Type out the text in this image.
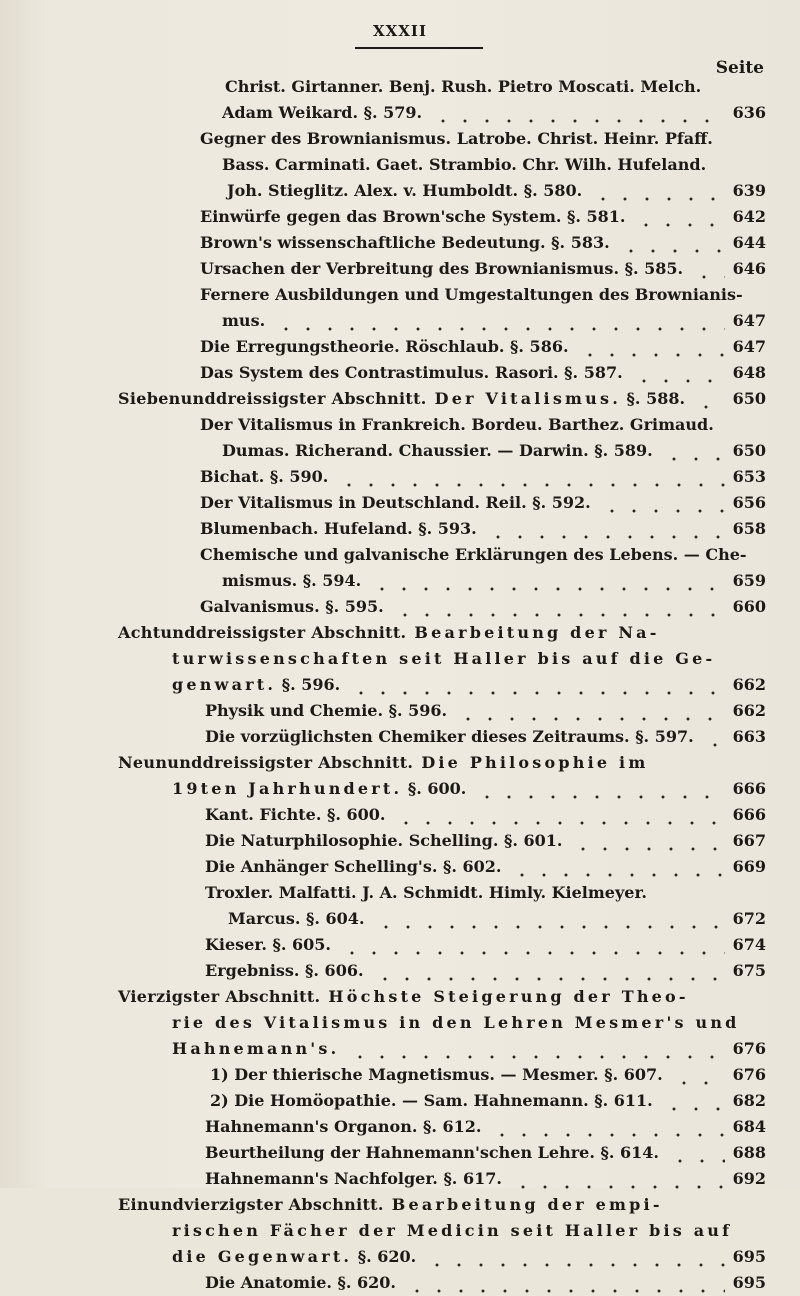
XXXII
Seite
Christ. Girtanner. Benj. Rush. Pietro Moscati. Melch.
Adam Weikard. §. 579.	636
Gegner des Brownianismus. Latrobe. Christ. Heinr. Pfaff.
Bass. Carminati. Gaet. Strambio. Chr. Wilh. Hufeland.
Joh. Stieglitz. Alex. v. Humboldt. §. 580.	639
Einwürfe gegen das Brown'sche System. §. 581.	642
Brown's wissenschaftliche Bedeutung. §. 583.	644
Ursachen der Verbreitung des Brownianismus. §. 585.	646
Fernere Ausbildungen und Umgestaltungen des Brownianis-
mus.	647
Die Erregungstheorie. Röschlaub. §. 586.	647
Das System des Contrastimulus. Rasori. §. 587.	648
Siebenunddreissigster Abschnitt. Der Vitalismus. §. 588.	650
Der Vitalismus in Frankreich. Bordeu. Barthez. Grimaud.
Dumas. Richerand. Chaussier. — Darwin. §. 589.	650
Bichat. §. 590.	653
Der Vitalismus in Deutschland. Reil. §. 592.	656
Blumenbach. Hufeland. §. 593.	658
Chemische und galvanische Erklärungen des Lebens. — Che-
mismus. §. 594.	659
Galvanismus. §. 595.	660
Achtunddreissigster Abschnitt. Bearbeitung der Na-
turwissenschaften seit Haller bis auf die Ge-
genwart. §. 596.	662
Physik und Chemie. §. 596.	662
Die vorzüglichsten Chemiker dieses Zeitraums. §. 597. 663
Neununddreissigster Abschnitt. Die Philosophie im
19ten Jahrhundert. §. 600.	666
Kant. Fichte. §. 600.	666
Die Naturphilosophie. Schelling. §. 601.	667
Die Anhänger Schelling's. §. 602.	669
Troxler. Malfatti. J. A. Schmidt. Himly. Kielmeyer.
Marcus. §. 604.	672
Kieser. §. 605.	674
Ergebniss. §. 606.	675
Vierzigster Abschnitt. Höchste Steigerung der Theo-
rie des Vitalismus in den Lehren Mesmer's und
Hahnemann's.	676
1) Der thierische Magnetismus. — Mesmer. §. 607.	676
2) Die Homöopathie. — Sam. Hahnemann. §. 611.	682
Hahnemann's Organon. §. 612.	684
Beurtheilung der Hahnemann'schen Lehre. §. 614.	688
Hahnemann's Nachfolger. §. 617.	692
Einundvierzigster Abschnitt. Bearbeitung der empi-
rischen Fächer der Medicin seit Haller bis auf
die Gegenwart. §. 620.	695
Die Anatomie. §. 620.	695
